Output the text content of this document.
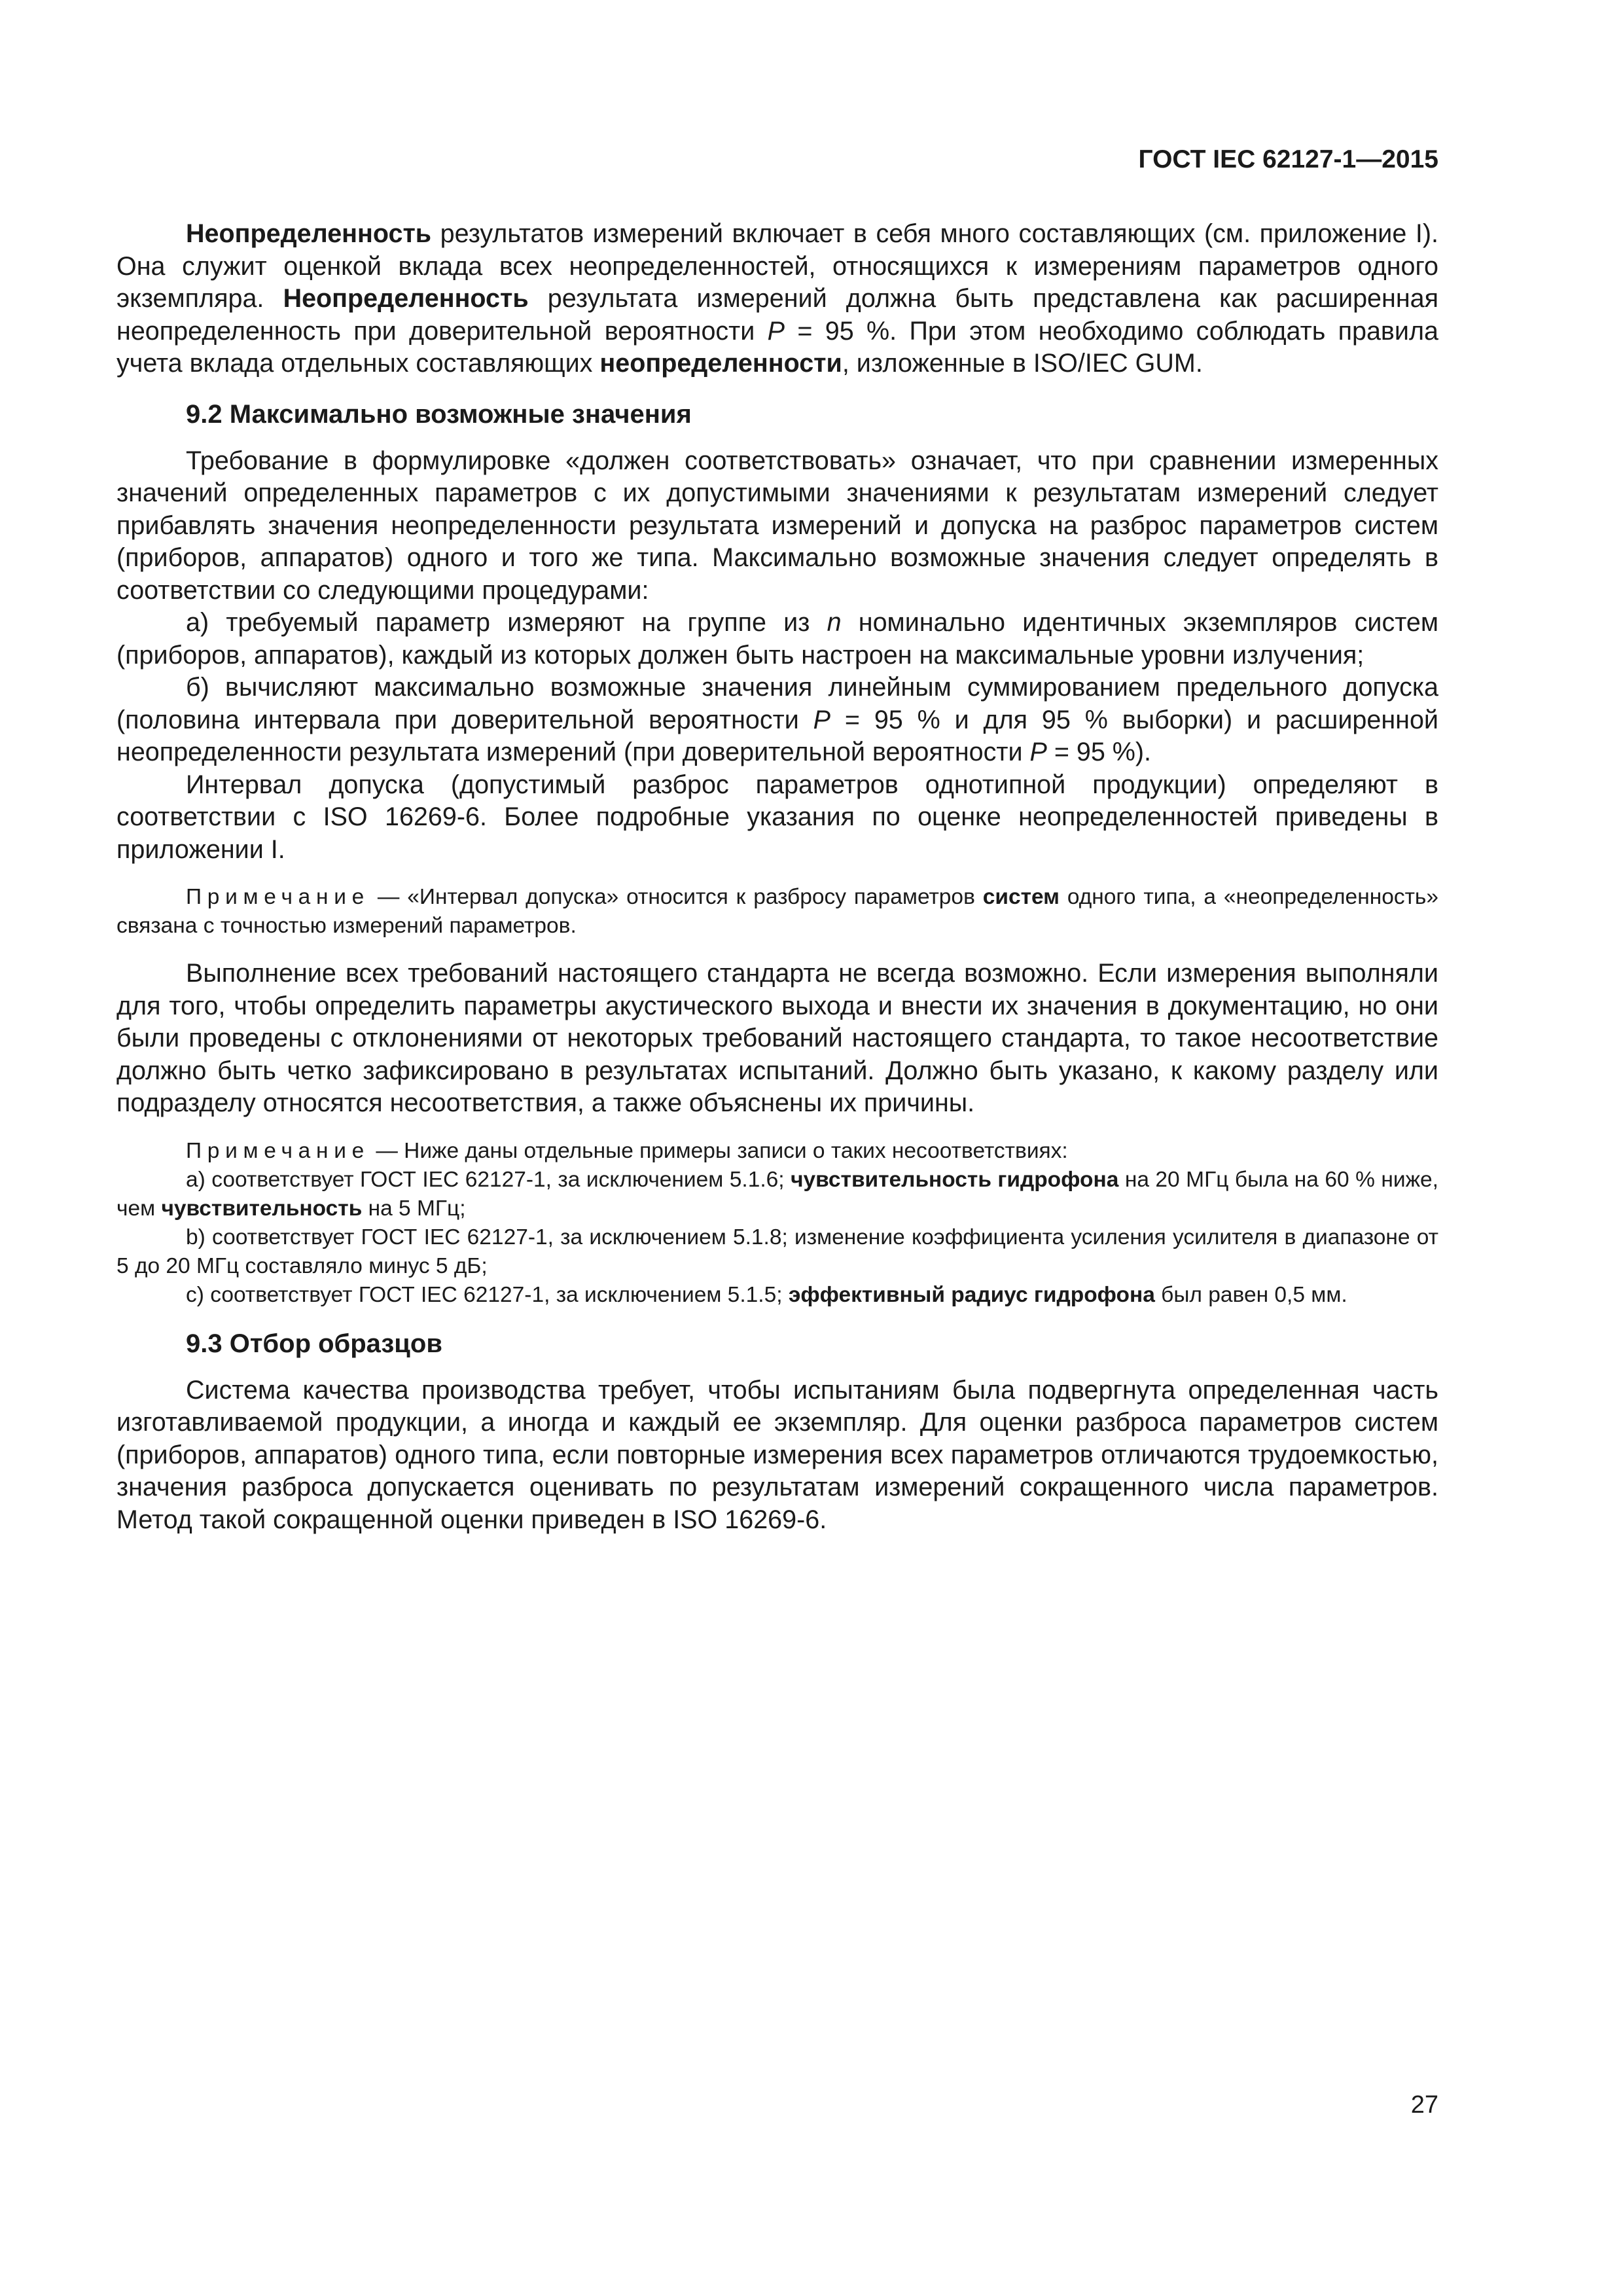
ГОСТ IEC 62127-1—2015

Неопределенность результатов измерений включает в себя много составляющих (см. приложение I). Она служит оценкой вклада всех неопределенностей, относящихся к измерениям параметров одного экземпляра. Неопределенность результата измерений должна быть представлена как расширенная неопределенность при доверительной вероятности P = 95 %. При этом необходимо соблюдать правила учета вклада отдельных составляющих неопределенности, изложенные в ISO/IEC GUM.

9.2 Максимально возможные значения

Требование в формулировке «должен соответствовать» означает, что при сравнении измеренных значений определенных параметров с их допустимыми значениями к результатам измерений следует прибавлять значения неопределенности результата измерений и допуска на разброс параметров систем (приборов, аппаратов) одного и того же типа. Максимально возможные значения следует определять в соответствии со следующими процедурами:

а) требуемый параметр измеряют на группе из n номинально идентичных экземпляров систем (приборов, аппаратов), каждый из которых должен быть настроен на максимальные уровни излучения;

б) вычисляют максимально возможные значения линейным суммированием предельного допуска (половина интервала при доверительной вероятности P = 95 % и для 95 % выборки) и расширенной неопределенности результата измерений (при доверительной вероятности P = 95 %).

Интервал допуска (допустимый разброс параметров однотипной продукции) определяют в соответствии с ISO 16269-6. Более подробные указания по оценке неопределенностей приведены в приложении I.

Примечание — «Интервал допуска» относится к разбросу параметров систем одного типа, а «неопределенность» связана с точностью измерений параметров.

Выполнение всех требований настоящего стандарта не всегда возможно. Если измерения выполняли для того, чтобы определить параметры акустического выхода и внести их значения в документацию, но они были проведены с отклонениями от некоторых требований настоящего стандарта, то такое несоответствие должно быть четко зафиксировано в результатах испытаний. Должно быть указано, к какому разделу или подразделу относятся несоответствия, а также объяснены их причины.

Примечание — Ниже даны отдельные примеры записи о таких несоответствиях:

а) соответствует ГОСТ IEC 62127-1, за исключением 5.1.6; чувствительность гидрофона на 20 МГц была на 60 % ниже, чем чувствительность на 5 МГц;

b) соответствует ГОСТ IEC 62127-1, за исключением 5.1.8; изменение коэффициента усиления усилителя в диапазоне от 5 до 20 МГц составляло минус 5 дБ;

c) соответствует ГОСТ IEC 62127-1, за исключением 5.1.5; эффективный радиус гидрофона был равен 0,5 мм.

9.3 Отбор образцов

Система качества производства требует, чтобы испытаниям была подвергнута определенная часть изготавливаемой продукции, а иногда и каждый ее экземпляр. Для оценки разброса параметров систем (приборов, аппаратов) одного типа, если повторные измерения всех параметров отличаются трудоемкостью, значения разброса допускается оценивать по результатам измерений сокращенного числа параметров. Метод такой сокращенной оценки приведен в ISO 16269-6.

27
